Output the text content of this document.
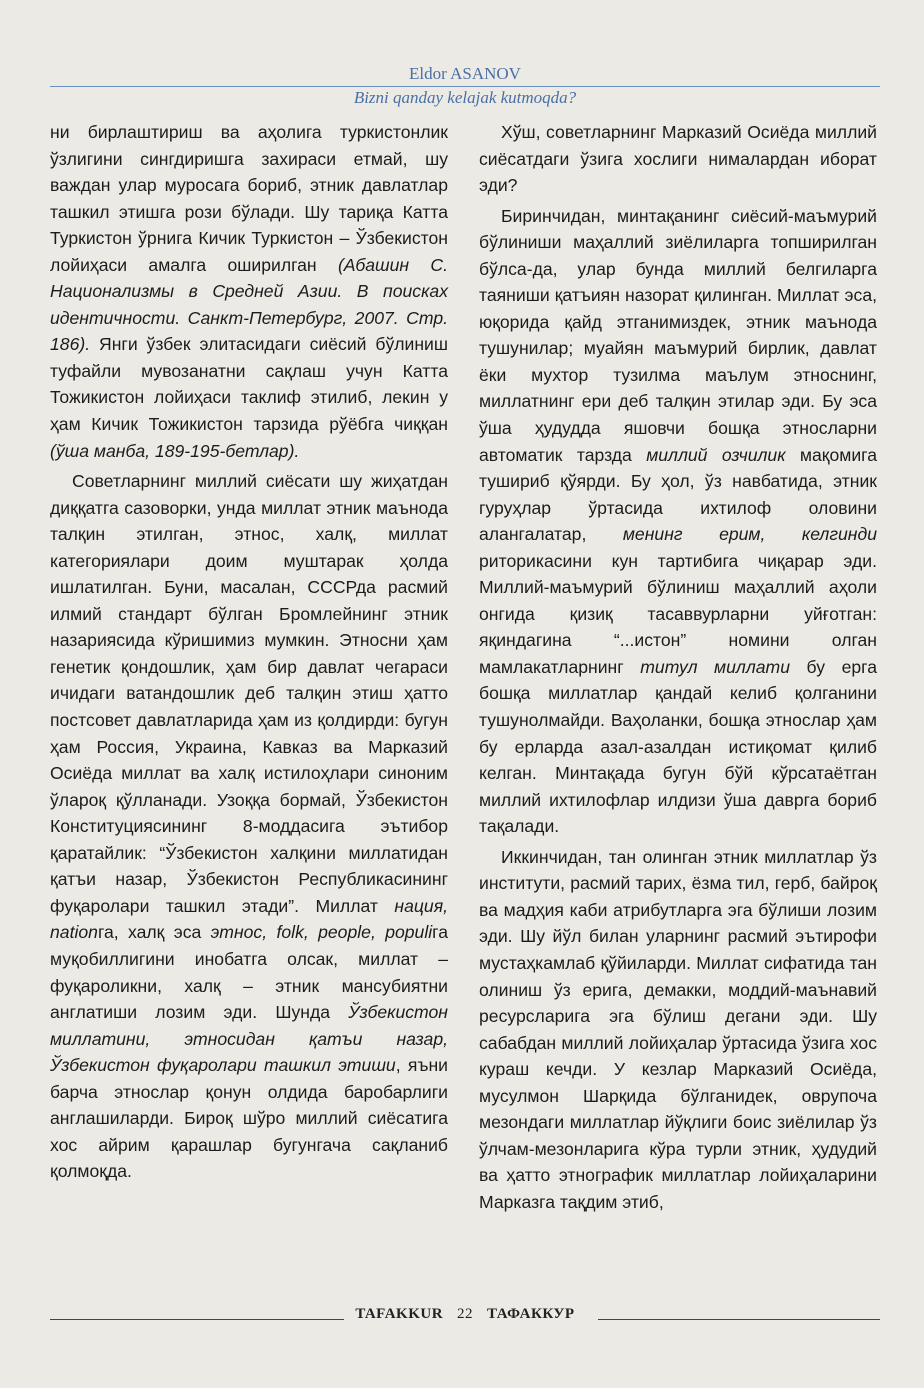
Eldor ASANOV
Bizni qanday kelajak kutmoqda?

ни бирлаштириш ва аҳолига туркистонлик ўзлигини сингдиришга захираси етмай, шу важдан улар муросага бориб, этник давлатлар ташкил этишга рози бўлади. Шу тариқа Катта Туркистон ўрнига Кичик Туркистон – Ўзбекистон лойиҳаси амалга оширилган (Абашин С. Национализмы в Средней Азии. В поисках идентичности. Санкт-Петербург, 2007. Стр. 186). Янги ўзбек элитасидаги сиёсий бўлиниш туфайли мувозанатни сақлаш учун Катта Тожикистон лойиҳаси таклиф этилиб, лекин у ҳам Кичик Тожикистон тарзида рўёбга чиққан (ўша манба, 189-195-бетлар).

Советларнинг миллий сиёсати шу жиҳатдан диққатга сазоворки, унда миллат этник маънода талқин этилган, этнос, халқ, миллат категориялари доим муштарак ҳолда ишлатилган. Буни, масалан, СССРда расмий илмий стандарт бўлган Бромлейнинг этник назариясида кўришимиз мумкин. Этносни ҳам генетик қондошлик, ҳам бир давлат чегараси ичидаги ватандошлик деб талқин этиш ҳатто постсовет давлатларида ҳам из қолдирди: бугун ҳам Россия, Украина, Кавказ ва Марказий Осиёда миллат ва халқ истилоҳлари синоним ўлароқ қўлланади. Узоққа бормай, Ўзбекистон Конституциясининг 8-моддасига эътибор қаратайлик: “Ўзбекистон халқини миллатидан қатъи назар, Ўзбекистон Республикасининг фуқаролари ташкил этади”. Миллат нация, nationга, халқ эса этнос, folk, people, populiга муқобиллигини инобатга олсак, миллат – фуқароликни, халқ – этник мансубиятни англатиши лозим эди. Шунда Ўзбекистон миллатини, этносидан қатъи назар, Ўзбекистон фуқаролари ташкил этиши, яъни барча этнослар қонун олдида баробарлиги англашиларди. Бироқ шўро миллий сиёсатига хос айрим қарашлар бугунгача сақланиб қолмоқда.

Хўш, советларнинг Марказий Осиёда миллий сиёсатдаги ўзига хослиги нималардан иборат эди?

Биринчидан, минтақанинг сиёсий-маъмурий бўлиниши маҳаллий зиёлиларга топширилган бўлса-да, улар бунда миллий белгиларга таяниши қатъиян назорат қилинган. Миллат эса, юқорида қайд этганимиздек, этник маънода тушунилар; муайян маъмурий бирлик, давлат ёки мухтор тузилма маълум этноснинг, миллатнинг ери деб талқин этилар эди. Бу эса ўша ҳудудда яшовчи бошқа этносларни автоматик тарзда миллий озчилик мақомига тушириб қўярди. Бу ҳол, ўз навбатида, этник гуруҳлар ўртасида ихтилоф оловини алангалатар, менинг ерим, келгинди риторикасини кун тартибига чиқарар эди. Миллий-маъмурий бўлиниш маҳаллий аҳоли онгида қизиқ тасаввурларни уйғотган: яқиндагина “...истон” номини олган мамлакатларнинг титул миллати бу ерга бошқа миллатлар қандай келиб қолганини тушунолмайди. Ваҳоланки, бошқа этнослар ҳам бу ерларда азал-азалдан истиқомат қилиб келган. Минтақада бугун бўй кўрсатаётган миллий ихтилофлар илдизи ўша даврга бориб тақалади.

Иккинчидан, тан олинган этник миллатлар ўз институти, расмий тарих, ёзма тил, герб, байроқ ва мадҳия каби атрибутларга эга бўлиши лозим эди. Шу йўл билан уларнинг расмий эътирофи мустаҳкамлаб қўйиларди. Миллат сифатида тан олиниш ўз ерига, демакки, моддий-маънавий ресурсларига эга бўлиш дегани эди. Шу сабабдан миллий лойиҳалар ўртасида ўзига хос кураш кечди. У кезлар Марказий Осиёда, мусулмон Шарқида бўлганидек, оврупоча мезондаги миллатлар йўқлиги боис зиёлилар ўз ўлчам-мезонларига кўра турли этник, ҳудудий ва ҳатто этнографик миллатлар лойиҳаларини Марказга тақдим этиб,

TAFAKKUR 22 ТАФАККУР
